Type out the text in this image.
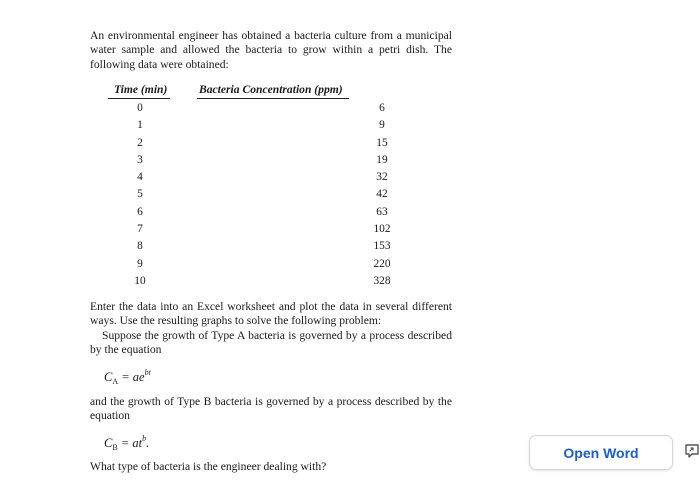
An environmental engineer has obtained a bacteria culture from a municipal water sample and allowed the bacteria to grow within a petri dish. The following data were obtained:
Time (min)	Bacteria Concentration (ppm)
0	6
1	9
2	15
3	19
4	32
5	42
6	63
7	102
8	153
9	220
10	328
Enter the data into an Excel worksheet and plot the data in several different ways. Use the resulting graphs to solve the following problem:
Suppose the growth of Type A bacteria is governed by a process described by the equation
$C_A = ae^{bt}$
and the growth of Type B bacteria is governed by a process described by the equation
$C_B = at^b$.
What type of bacteria is the engineer dealing with?
Open Word
